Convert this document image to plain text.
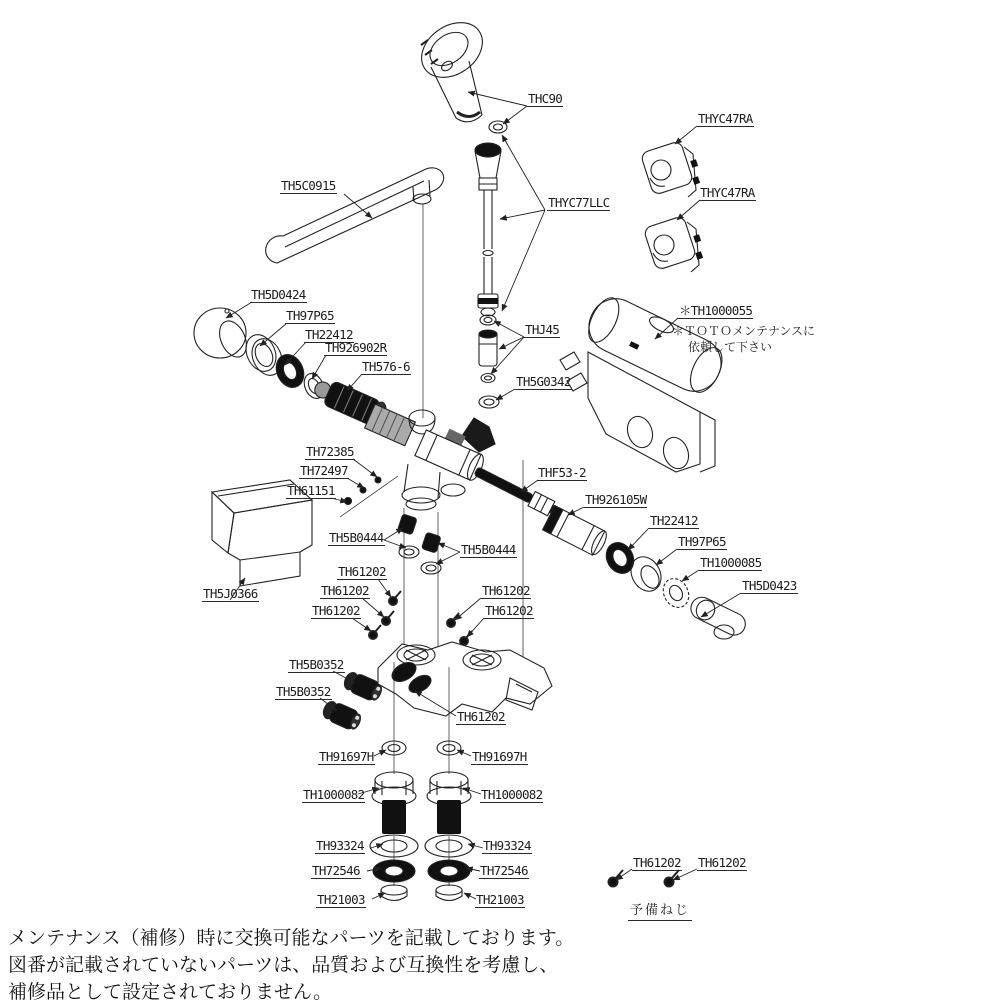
THC90
THYC47RA
THYC47RA
TH5C0915
THYC77LLC
TH5D0424
TH97P65
TH22412
TH926902R
TH576-6
THJ45
TH5G0342
＊TH1000055
TH72385
TH72497
TH61151
THF53-2
TH926105W
TH22412
TH97P65
TH1000085
TH5D0423
TH5B0444
TH5B0444
TH61202
TH61202
TH61202
TH61202
TH61202
TH5J0366
TH5B0352
TH5B0352
TH61202
TH91697H	TH91697H
TH1000082	TH1000082
TH93324	TH93324
TH72546	TH72546
TH21003	TH21003
TH61202 TH61202
＊ＴＯＴＯメンテナンスに
依頼して下さい
予備ねじ
メンテナンス（補修）時に交換可能なパーツを記載しております。
図番が記載されていないパーツは、品質および互換性を考慮し、
補修品として設定されておりません。
